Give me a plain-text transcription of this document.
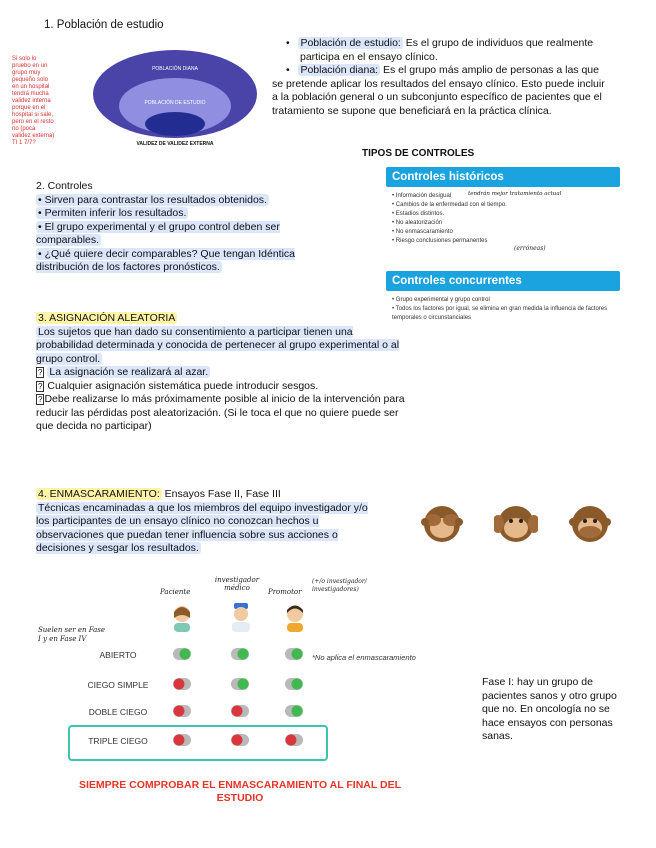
1. Población de estudio
Si solo lo
pruebo en un
grupo muy
pequeño solo
en un hospital
tendrá mucha
validez interna
porque en el
hospital si sale,
pero en el resto
no (poca
validez externa)
TI 1 7/7?
POBLACIÓN DIANA
POBLACIÓN DE ESTUDIO
VALIDEZ DE VALIDEZ EXTERNA
•   Población de estudio: Es el grupo de individuos que realmente participa en el ensayo clínico.
•   Población diana: Es el grupo más amplio de personas a las que se pretende aplicar los resultados del ensayo clínico. Esto puede incluir a la población general o un subconjunto específico de pacientes que el tratamiento se supone que beneficiará en la práctica clínica.
TIPOS DE CONTROLES
Controles históricos
• Información desigual
• Cambios de la enfermedad con el tiempo.
• Estadios distintos.
• No aleatorización
• No enmascaramiento
• Riesgo conclusiones permanentes
tendrán mejor tratamiento actual
(erróneas)
Controles concurrentes
• Grupo experimental y grupo control
• Todos los factores por igual, se elimina en gran medida la influencia de factores temporales o circunstanciales
2. Controles
• Sirven para contrastar los resultados obtenidos.
• Permiten inferir los resultados.
• El grupo experimental y el grupo control deben ser comparables.
• ¿Qué quiere decir comparables? Que tengan Idéntica distribución de los factores pronósticos.
3. ASIGNACIÓN ALEATORIA
Los sujetos que han dado su consentimiento a participar tienen una probabilidad determinada y conocida de pertenecer al grupo experimental o al grupo control.
? La asignación se realizará al azar.
? Cualquier asignación sistemática puede introducir sesgos.
? Debe realizarse lo más próximamente posible al inicio de la intervención para reducir las pérdidas post aleatorización. (Si le toca el que no quiere puede ser que decida no participar)
4. ENMASCARAMIENTO: Ensayos Fase II, Fase III
Técnicas encaminadas a que los miembros del equipo investigador y/o los participantes de un ensayo clínico no conozcan hechos u observaciones que puedan tener influencia sobre sus acciones o decisiones y sesgar los resultados.
Paciente
investigador médico	Promotor
(+/o investigador/ investigadores)
Suelen ser en Fase I y en Fase IV
ABIERTO
CIEGO SIMPLE
DOBLE CIEGO
TRIPLE CIEGO
*No aplica el enmascaramiento
Fase I: hay un grupo de pacientes sanos y otro grupo que no. En oncología no se hace ensayos con personas sanas.
SIEMPRE COMPROBAR EL ENMASCARAMIENTO AL FINAL DEL
ESTUDIO
